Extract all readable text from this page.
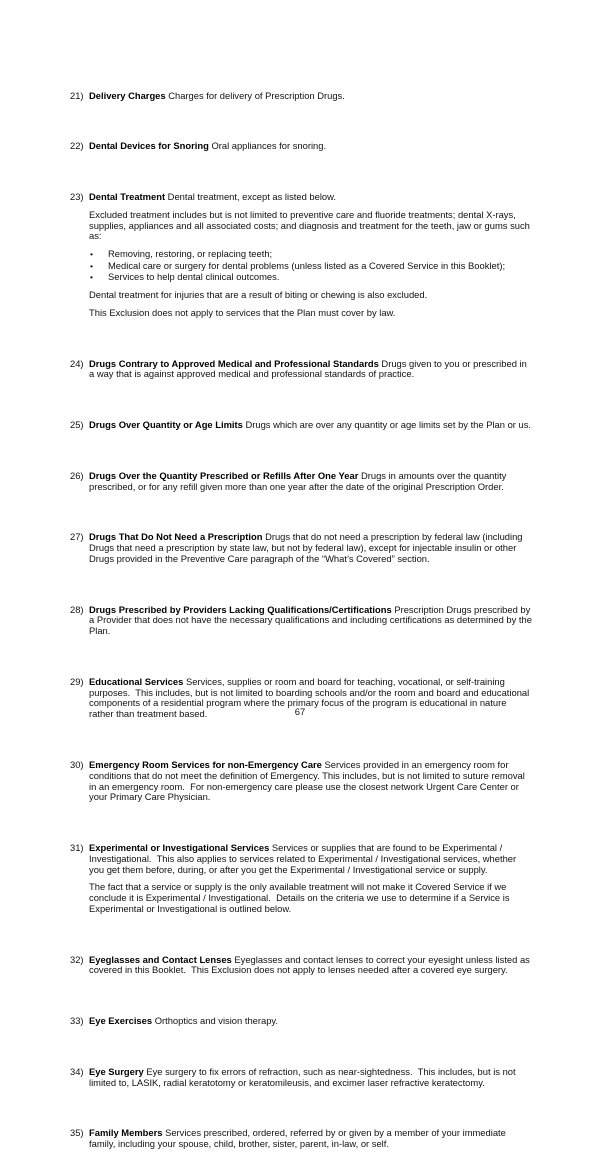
21) Delivery Charges Charges for delivery of Prescription Drugs.

22) Dental Devices for Snoring Oral appliances for snoring.

23) Dental Treatment Dental treatment, except as listed below.

Excluded treatment includes but is not limited to preventive care and fluoride treatments; dental X-rays, supplies, appliances and all associated costs; and diagnosis and treatment for the teeth, jaw or gums such as:

•	Removing, restoring, or replacing teeth;
•	Medical care or surgery for dental problems (unless listed as a Covered Service in this Booklet);
•	Services to help dental clinical outcomes.

Dental treatment for injuries that are a result of biting or chewing is also excluded.

This Exclusion does not apply to services that the Plan must cover by law.

24) Drugs Contrary to Approved Medical and Professional Standards Drugs given to you or prescribed in a way that is against approved medical and professional standards of practice.

25) Drugs Over Quantity or Age Limits Drugs which are over any quantity or age limits set by the Plan or us.

26) Drugs Over the Quantity Prescribed or Refills After One Year Drugs in amounts over the quantity prescribed, or for any refill given more than one year after the date of the original Prescription Order.

27) Drugs That Do Not Need a Prescription Drugs that do not need a prescription by federal law (including Drugs that need a prescription by state law, but not by federal law), except for injectable insulin or other Drugs provided in the Preventive Care paragraph of the “What’s Covered” section.

28) Drugs Prescribed by Providers Lacking Qualifications/Certifications Prescription Drugs prescribed by a Provider that does not have the necessary qualifications and including certifications as determined by the Plan.

29) Educational Services Services, supplies or room and board for teaching, vocational, or self-training purposes.  This includes, but is not limited to boarding schools and/or the room and board and educational components of a residential program where the primary focus of the program is educational in nature rather than treatment based.

30) Emergency Room Services for non-Emergency Care Services provided in an emergency room for conditions that do not meet the definition of Emergency. This includes, but is not limited to suture removal in an emergency room.  For non-emergency care please use the closest network Urgent Care Center or your Primary Care Physician.

31) Experimental or Investigational Services Services or supplies that are found to be Experimental / Investigational.  This also applies to services related to Experimental / Investigational services, whether you get them before, during, or after you get the Experimental / Investigational service or supply.

The fact that a service or supply is the only available treatment will not make it Covered Service if we conclude it is Experimental / Investigational.  Details on the criteria we use to determine if a Service is Experimental or Investigational is outlined below.

32) Eyeglasses and Contact Lenses Eyeglasses and contact lenses to correct your eyesight unless listed as covered in this Booklet.  This Exclusion does not apply to lenses needed after a covered eye surgery.

33) Eye Exercises Orthoptics and vision therapy.

34) Eye Surgery Eye surgery to fix errors of refraction, such as near-sightedness.  This includes, but is not limited to, LASIK, radial keratotomy or keratomileusis, and excimer laser refractive keratectomy.

35) Family Members Services prescribed, ordered, referred by or given by a member of your immediate family, including your spouse, child, brother, sister, parent, in-law, or self.

67
